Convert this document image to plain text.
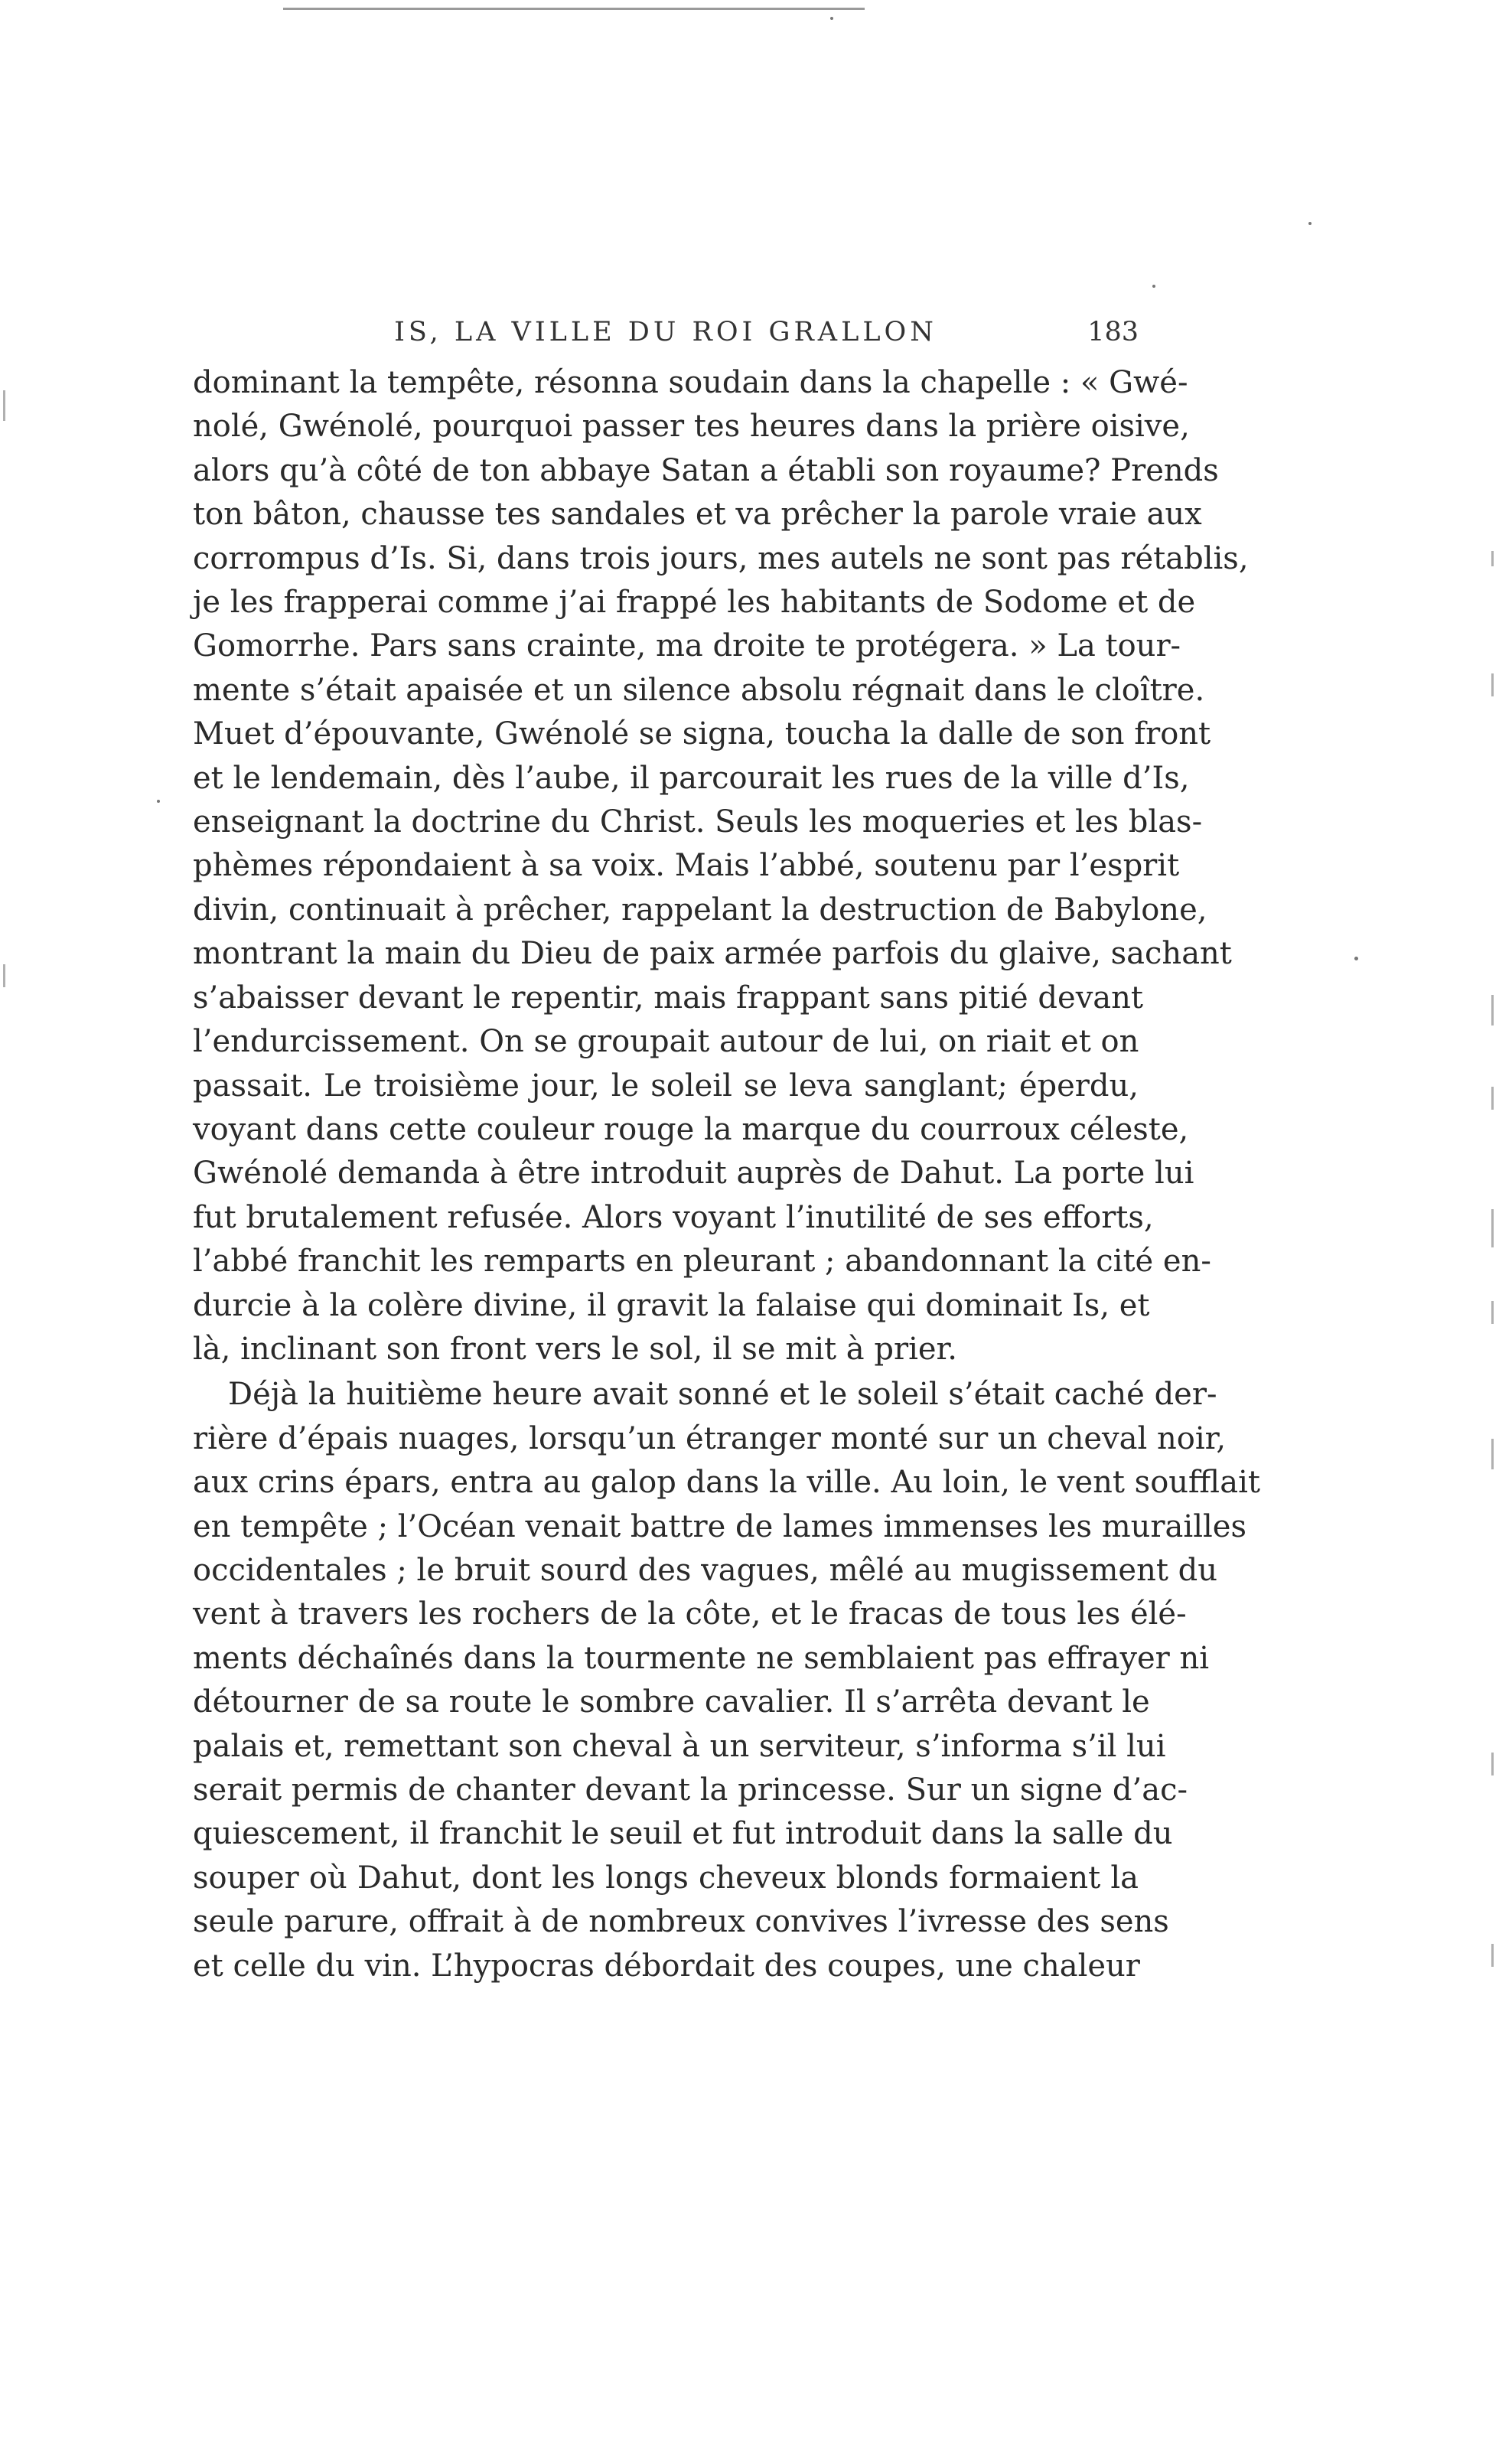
IS, LA VILLE DU ROI GRALLON	183
dominant la tempête, résonna soudain dans la chapelle : « Gwé-
nolé, Gwénolé, pourquoi passer tes heures dans la prière oisive,
alors qu’à côté de ton abbaye Satan a établi son royaume? Prends
ton bâton, chausse tes sandales et va prêcher la parole vraie aux
corrompus d’Is. Si, dans trois jours, mes autels ne sont pas rétablis,
je les frapperai comme j’ai frappé les habitants de Sodome et de
Gomorrhe. Pars sans crainte, ma droite te protégera. » La tour-
mente s’était apaisée et un silence absolu régnait dans le cloître.
Muet d’épouvante, Gwénolé se signa, toucha la dalle de son front
et le lendemain, dès l’aube, il parcourait les rues de la ville d’Is,
enseignant la doctrine du Christ. Seuls les moqueries et les blas-
phèmes répondaient à sa voix. Mais l’abbé, soutenu par l’esprit
divin, continuait à prêcher, rappelant la destruction de Babylone,
montrant la main du Dieu de paix armée parfois du glaive, sachant
s’abaisser devant le repentir, mais frappant sans pitié devant
l’endurcissement. On se groupait autour de lui, on riait et on
passait. Le troisième jour, le soleil se leva sanglant; éperdu,
voyant dans cette couleur rouge la marque du courroux céleste,
Gwénolé demanda à être introduit auprès de Dahut. La porte lui
fut brutalement refusée. Alors voyant l’inutilité de ses efforts,
l’abbé franchit les remparts en pleurant ; abandonnant la cité en-
durcie à la colère divine, il gravit la falaise qui dominait Is, et
là, inclinant son front vers le sol, il se mit à prier.
Déjà la huitième heure avait sonné et le soleil s’était caché der-
rière d’épais nuages, lorsqu’un étranger monté sur un cheval noir,
aux crins épars, entra au galop dans la ville. Au loin, le vent soufflait
en tempête ; l’Océan venait battre de lames immenses les murailles
occidentales ; le bruit sourd des vagues, mêlé au mugissement du
vent à travers les rochers de la côte, et le fracas de tous les élé-
ments déchaînés dans la tourmente ne semblaient pas effrayer ni
détourner de sa route le sombre cavalier. Il s’arrêta devant le
palais et, remettant son cheval à un serviteur, s’informa s’il lui
serait permis de chanter devant la princesse. Sur un signe d’ac-
quiescement, il franchit le seuil et fut introduit dans la salle du
souper où Dahut, dont les longs cheveux blonds formaient la
seule parure, offrait à de nombreux convives l’ivresse des sens
et celle du vin. L’hypocras débordait des coupes, une chaleur
